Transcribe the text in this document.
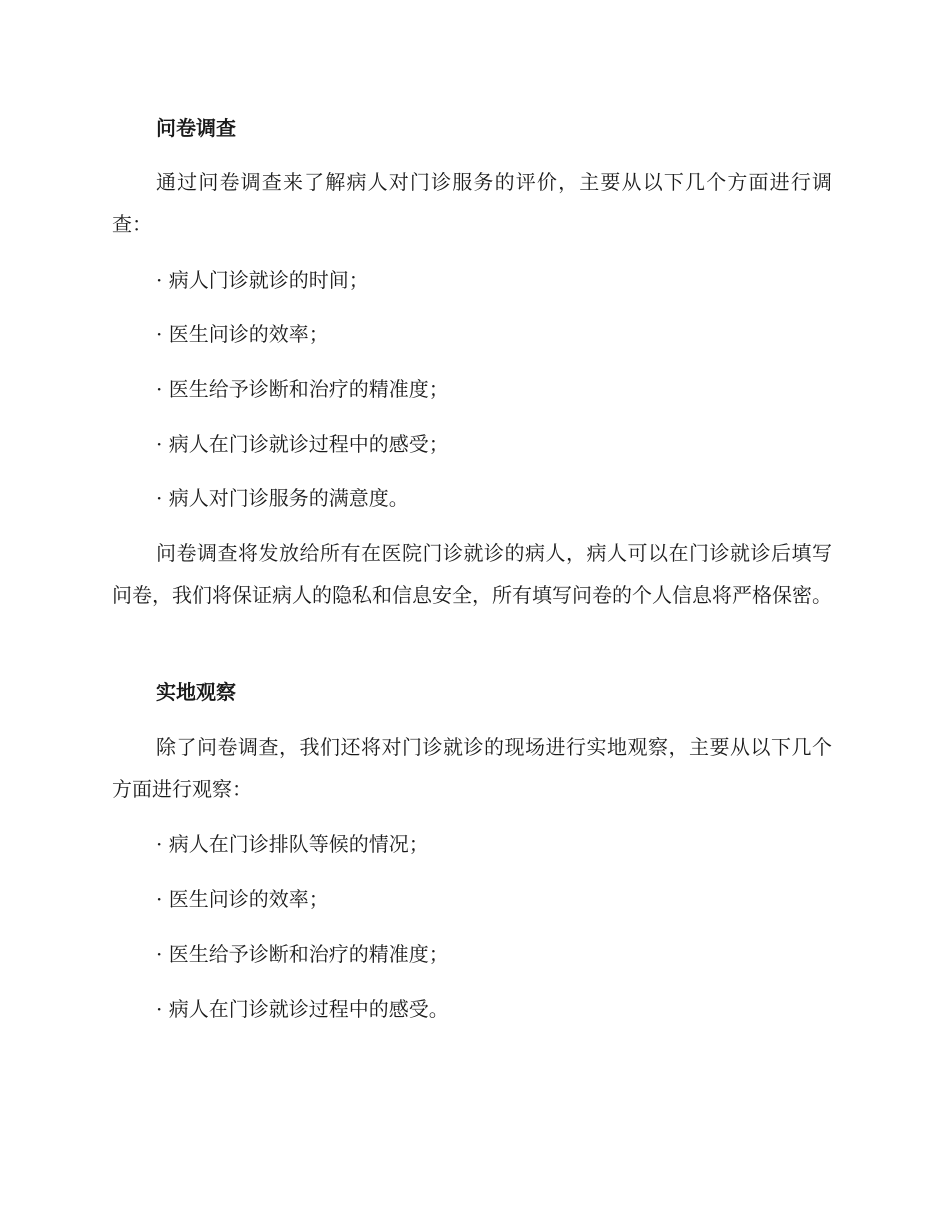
问卷调查
通过问卷调查来了解病人对门诊服务的评价，主要从以下几个方面进行调查：
· 病人门诊就诊的时间；
· 医生问诊的效率；
· 医生给予诊断和治疗的精准度；
· 病人在门诊就诊过程中的感受；
· 病人对门诊服务的满意度。
问卷调查将发放给所有在医院门诊就诊的病人，病人可以在门诊就诊后填写问卷，我们将保证病人的隐私和信息安全，所有填写问卷的个人信息将严格保密。
实地观察
除了问卷调查，我们还将对门诊就诊的现场进行实地观察，主要从以下几个方面进行观察：
· 病人在门诊排队等候的情况；
· 医生问诊的效率；
· 医生给予诊断和治疗的精准度；
· 病人在门诊就诊过程中的感受。
